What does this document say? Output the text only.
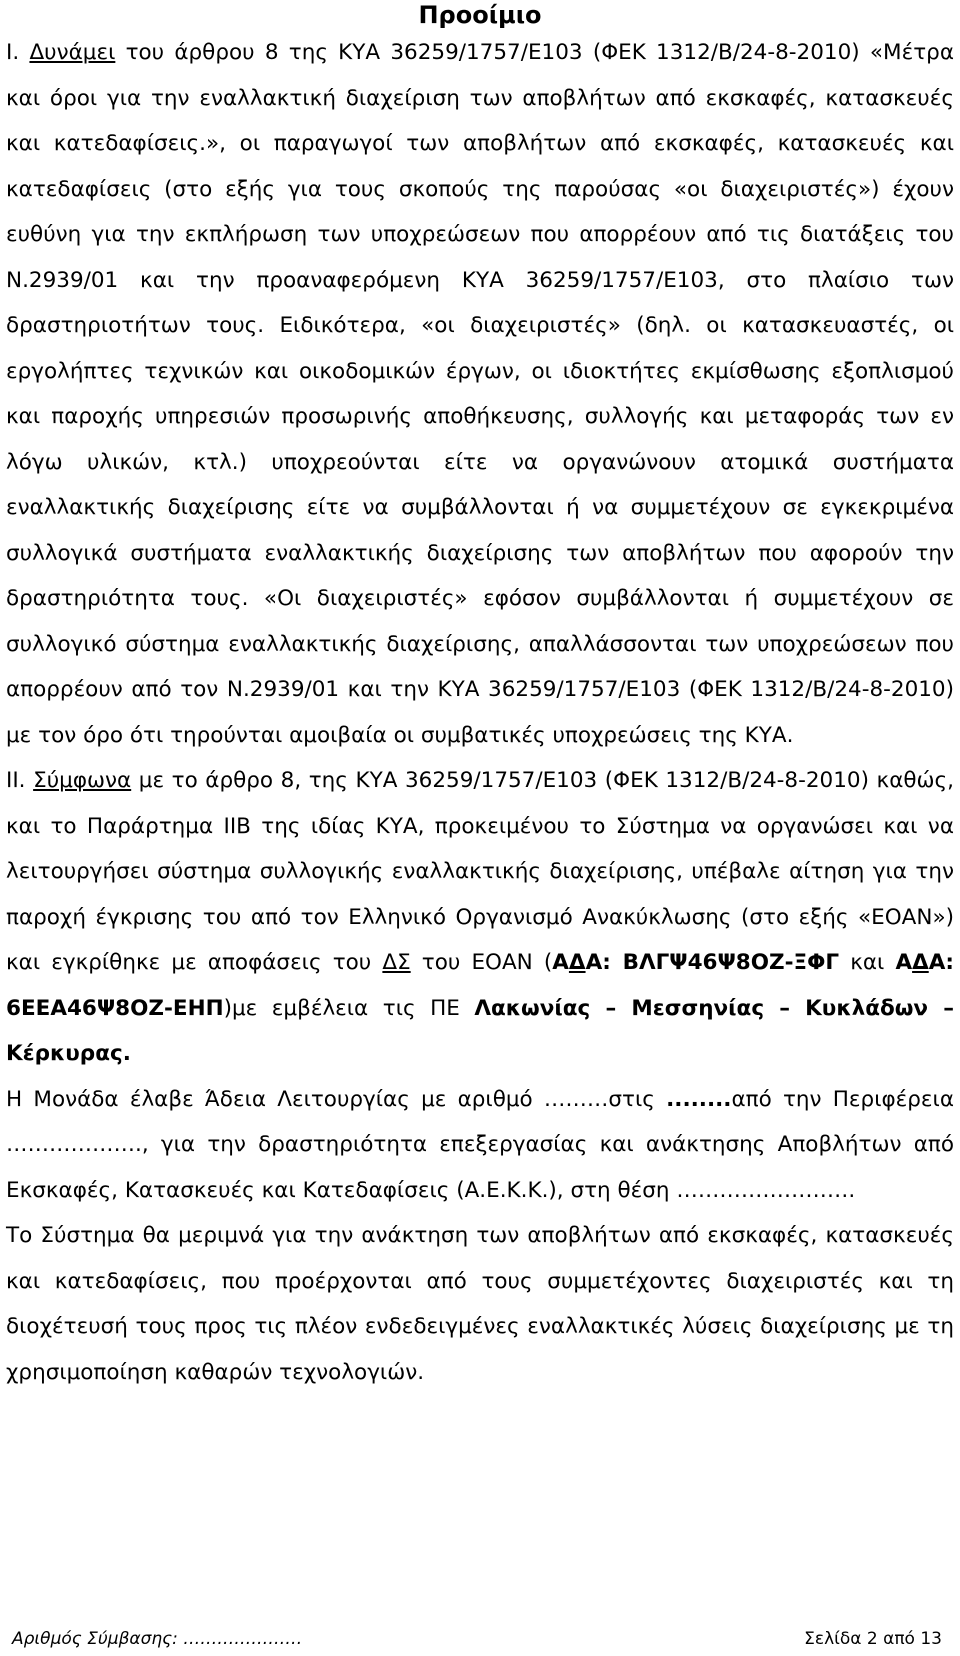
Προοίμιο

Ι. Δυνάμει του άρθρου 8 της ΚΥΑ 36259/1757/Ε103 (ΦΕΚ 1312/Β/24-8-2010) «Μέτρα και όροι για την εναλλακτική διαχείριση των αποβλήτων από εκσκαφές, κατασκευές και κατεδαφίσεις.», οι παραγωγοί των αποβλήτων από εκσκαφές, κατασκευές και κατεδαφίσεις (στο εξής για τους σκοπούς της παρούσας «οι διαχειριστές») έχουν ευθύνη για την εκπλήρωση των υποχρεώσεων που απορρέουν από τις διατάξεις του Ν.2939/01 και την προαναφερόμενη ΚΥΑ 36259/1757/Ε103, στο πλαίσιο των δραστηριοτήτων τους. Ειδικότερα, «οι διαχειριστές» (δηλ. οι κατασκευαστές, οι εργολήπτες τεχνικών και οικοδομικών έργων, οι ιδιοκτήτες εκμίσθωσης εξοπλισμού και παροχής υπηρεσιών προσωρινής αποθήκευσης, συλλογής και μεταφοράς των εν λόγω υλικών, κτλ.) υποχρεούνται είτε να οργανώνουν ατομικά συστήματα εναλλακτικής διαχείρισης είτε να συμβάλλονται ή να συμμετέχουν σε εγκεκριμένα συλλογικά συστήματα εναλλακτικής διαχείρισης των αποβλήτων που αφορούν την δραστηριότητα τους. «Οι διαχειριστές» εφόσον συμβάλλονται ή συμμετέχουν σε συλλογικό σύστημα εναλλακτικής διαχείρισης, απαλλάσσονται των υποχρεώσεων που απορρέουν από τον Ν.2939/01 και την ΚΥΑ 36259/1757/Ε103 (ΦΕΚ 1312/Β/24-8-2010) με τον όρο ότι τηρούνται αμοιβαία οι συμβατικές υποχρεώσεις της ΚΥΑ.

ΙΙ. Σύμφωνα με το άρθρο 8, της ΚΥΑ 36259/1757/Ε103 (ΦΕΚ 1312/Β/24-8-2010) καθώς, και το Παράρτημα ΙΙΒ της ιδίας ΚΥΑ, προκειμένου το Σύστημα να οργανώσει και να λειτουργήσει σύστημα συλλογικής εναλλακτικής διαχείρισης, υπέβαλε αίτηση για την παροχή έγκρισης του από τον Ελληνικό Οργανισμό Ανακύκλωσης (στο εξής «ΕΟΑΝ») και εγκρίθηκε με αποφάσεις του ΔΣ του ΕΟΑΝ (ΑΔΑ: ΒΛΓΨ46Ψ8ΟΖ-ΞΦΓ και ΑΔΑ: 6ΕΕΑ46Ψ8ΟΖ-ΕΗΠ)με εμβέλεια τις ΠΕ Λακωνίας – Μεσσηνίας – Κυκλάδων – Κέρκυρας.

Η Μονάδα έλαβε Άδεια Λειτουργίας με αριθμό ………στις ........από την Περιφέρεια ………………., για την δραστηριότητα επεξεργασίας και ανάκτησης Αποβλήτων από Εκσκαφές, Κατασκευές και Κατεδαφίσεις (Α.Ε.Κ.Κ.), στη θέση …………………….

Το Σύστημα θα μεριμνά για την ανάκτηση των αποβλήτων από εκσκαφές, κατασκευές και κατεδαφίσεις, που προέρχονται από τους συμμετέχοντες διαχειριστές και τη διοχέτευσή τους προς τις πλέον ενδεδειγμένες εναλλακτικές λύσεις διαχείρισης με τη χρησιμοποίηση καθαρών τεχνολογιών.

Αριθμός Σύμβασης: …………………	Σελίδα 2 από 13
